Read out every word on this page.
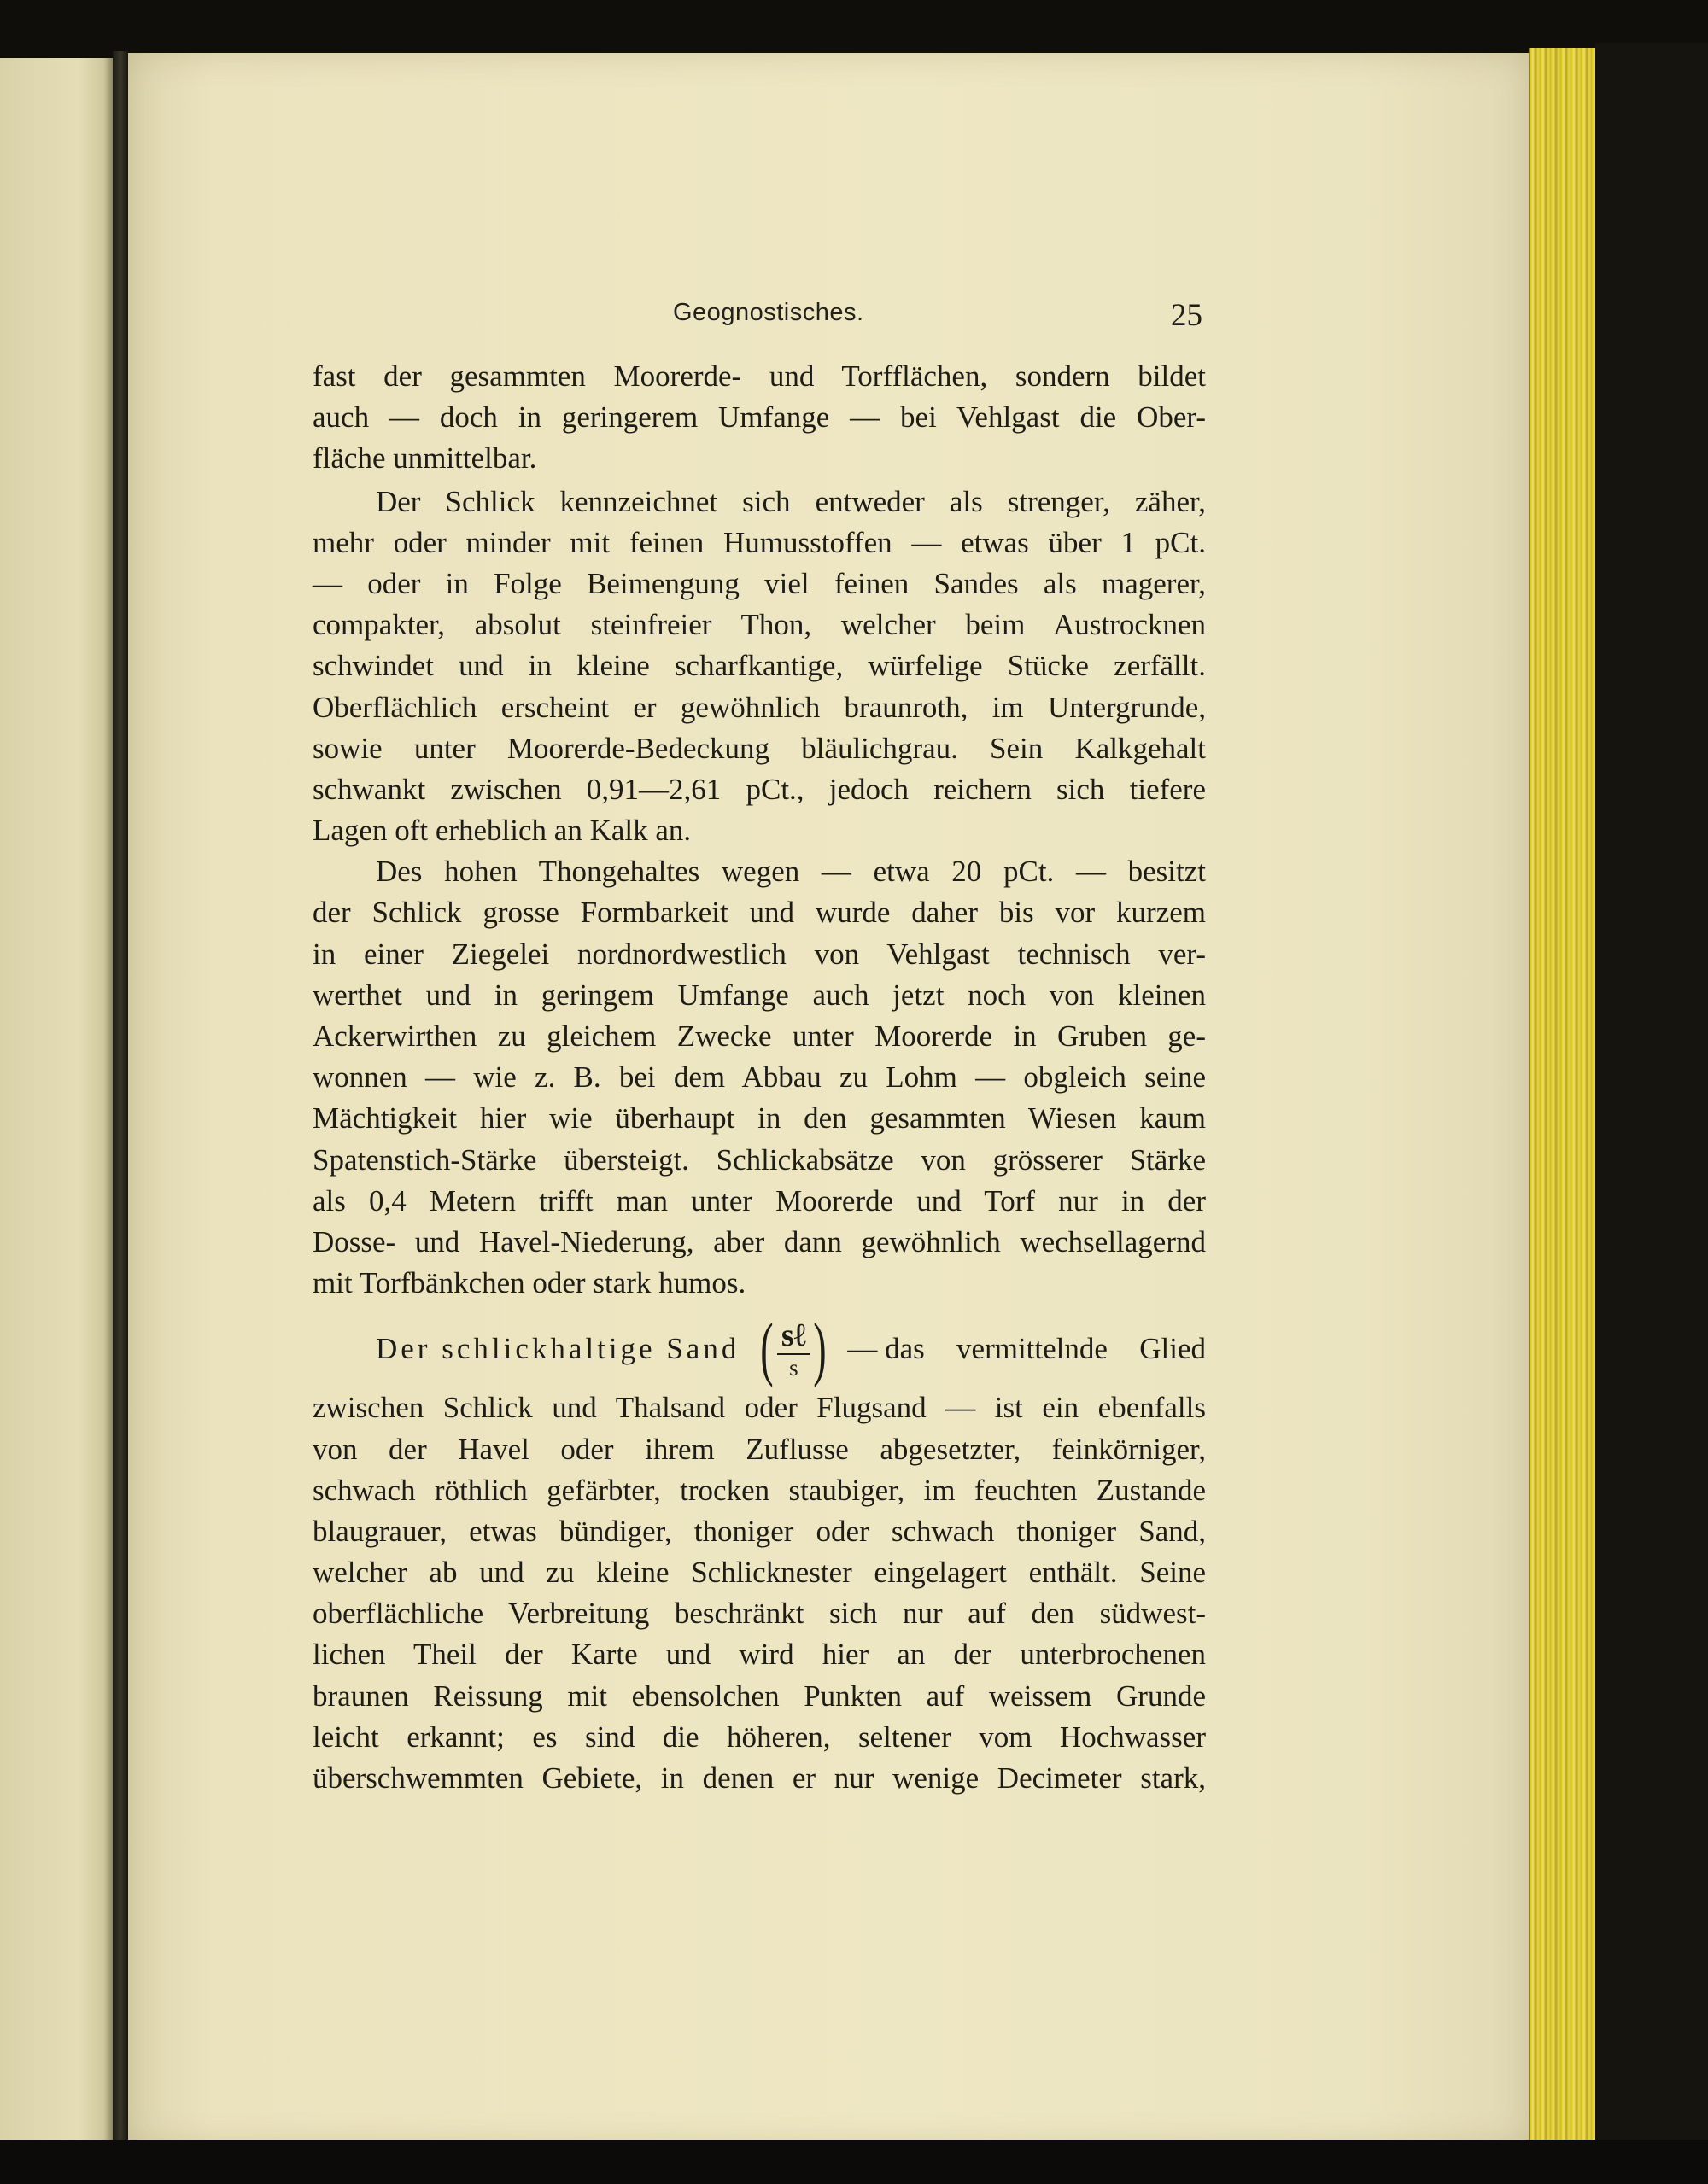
Geognostisches.	25
fast der gesammten Moorerde- und Torfflächen, sondern bildet
auch — doch in geringerem Umfange — bei Vehlgast die Ober-
fläche unmittelbar.
Der Schlick kennzeichnet sich entweder als strenger, zäher,
mehr oder minder mit feinen Humusstoffen — etwas über 1 pCt.
— oder in Folge Beimengung viel feinen Sandes als magerer,
compakter, absolut steinfreier Thon, welcher beim Austrocknen
schwindet und in kleine scharfkantige, würfelige Stücke zerfällt.
Oberflächlich erscheint er gewöhnlich braunroth, im Untergrunde,
sowie unter Moorerde-Bedeckung bläulichgrau. Sein Kalkgehalt
schwankt zwischen 0,91—2,61 pCt., jedoch reichern sich tiefere
Lagen oft erheblich an Kalk an.
Des hohen Thongehaltes wegen — etwa 20 pCt. — besitzt
der Schlick grosse Formbarkeit und wurde daher bis vor kurzem
in einer Ziegelei nordnordwestlich von Vehlgast technisch ver-
werthet und in geringem Umfange auch jetzt noch von kleinen
Ackerwirthen zu gleichem Zwecke unter Moorerde in Gruben ge-
wonnen — wie z. B. bei dem Abbau zu Lohm — obgleich seine
Mächtigkeit hier wie überhaupt in den gesammten Wiesen kaum
Spatenstich-Stärke übersteigt. Schlickabsätze von grösserer Stärke
als 0,4 Metern trifft man unter Moorerde und Torf nur in der
Dosse- und Havel-Niederung, aber dann gewöhnlich wechsellagernd
mit Torfbänkchen oder stark humos.
Der schlickhaltige Sand ( $\frac{\text{sℓ}}{s}$ ) — das vermittelnde Glied
zwischen Schlick und Thalsand oder Flugsand — ist ein ebenfalls
von der Havel oder ihrem Zuflusse abgesetzter, feinkörniger,
schwach röthlich gefärbter, trocken staubiger, im feuchten Zustande
blaugrauer, etwas bündiger, thoniger oder schwach thoniger Sand,
welcher ab und zu kleine Schlicknester eingelagert enthält. Seine
oberflächliche Verbreitung beschränkt sich nur auf den südwest-
lichen Theil der Karte und wird hier an der unterbrochenen
braunen Reissung mit ebensolchen Punkten auf weissem Grunde
leicht erkannt; es sind die höheren, seltener vom Hochwasser
überschwemmten Gebiete, in denen er nur wenige Decimeter stark,
